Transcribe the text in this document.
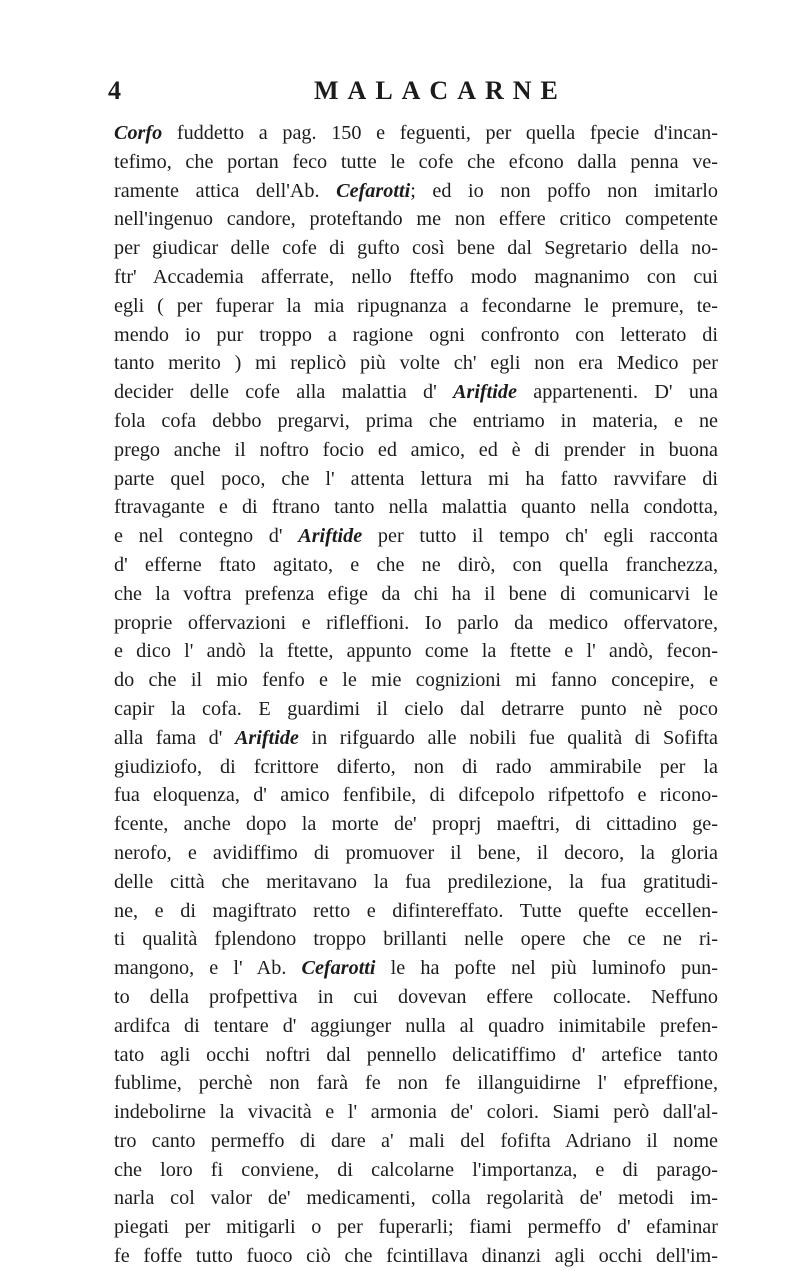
4	MALACARNE
Corfo fuddetto a pag. 150 e feguenti, per quella fpecie d'incan-
tefimo, che portan feco tutte le cofe che efcono dalla penna ve-
ramente attica dell'Ab. Cefarotti; ed io non poffo non imitarlo
nell'ingenuo candore, proteftando me non effere critico competente
per giudicar delle cofe di gufto così bene dal Segretario della no-
ftr' Accademia afferrate, nello fteffo modo magnanimo con cui
egli ( per fuperar la mia ripugnanza a fecondarne le premure, te-
mendo io pur troppo a ragione ogni confronto con letterato di
tanto merito ) mi replicò più volte ch' egli non era Medico per
decider delle cofe alla malattia d' Ariftide appartenenti. D' una
fola cofa debbo pregarvi, prima che entriamo in materia, e ne
prego anche il noftro focio ed amico, ed è di prender in buona
parte quel poco, che l' attenta lettura mi ha fatto ravvifare di
ftravagante e di ftrano tanto nella malattia quanto nella condotta,
e nel contegno d' Ariftide per tutto il tempo ch' egli racconta
d' efferne ftato agitato, e che ne dirò, con quella franchezza,
che la voftra prefenza efige da chi ha il bene di comunicarvi le
proprie offervazioni e rifleffioni. Io parlo da medico offervatore,
e dico l' andò la ftette, appunto come la ftette e l' andò, fecon-
do che il mio fenfo e le mie cognizioni mi fanno concepire, e
capir la cofa. E guardimi il cielo dal detrarre punto nè poco
alla fama d' Ariftide in rifguardo alle nobili fue qualità di Sofifta
giudiziofo, di fcrittore diferto, non di rado ammirabile per la
fua eloquenza, d' amico fenfibile, di difcepolo rifpettofo e ricono-
fcente, anche dopo la morte de' proprj maeftri, di cittadino ge-
nerofo, e avidiffimo di promuover il bene, il decoro, la gloria
delle città che meritavano la fua predilezione, la fua gratitudi-
ne, e di magiftrato retto e difintereffato. Tutte quefte eccellen-
ti qualità fplendono troppo brillanti nelle opere che ce ne ri-
mangono, e l' Ab. Cefarotti le ha pofte nel più luminofo pun-
to della profpettiva in cui dovevan effere collocate. Neffuno
ardifca di tentare d' aggiunger nulla al quadro inimitabile prefen-
tato agli occhi noftri dal pennello delicatiffimo d' artefice tanto
fublime, perchè non farà fe non fe illanguidirne l' efpreffione,
indebolirne la vivacità e l' armonia de' colori. Siami però dall'al-
tro canto permeffo di dare a' mali del fofifta Adriano il nome
che loro fi conviene, di calcolarne l'importanza, e di parago-
narla col valor de' medicamenti, colla regolarità de' metodi im-
piegati per mitigarli o per fuperarli; fiami permeffo d' efaminar
fe foffe tutto fuoco ciò che fcintillava dinanzi agli occhi dell'im-
